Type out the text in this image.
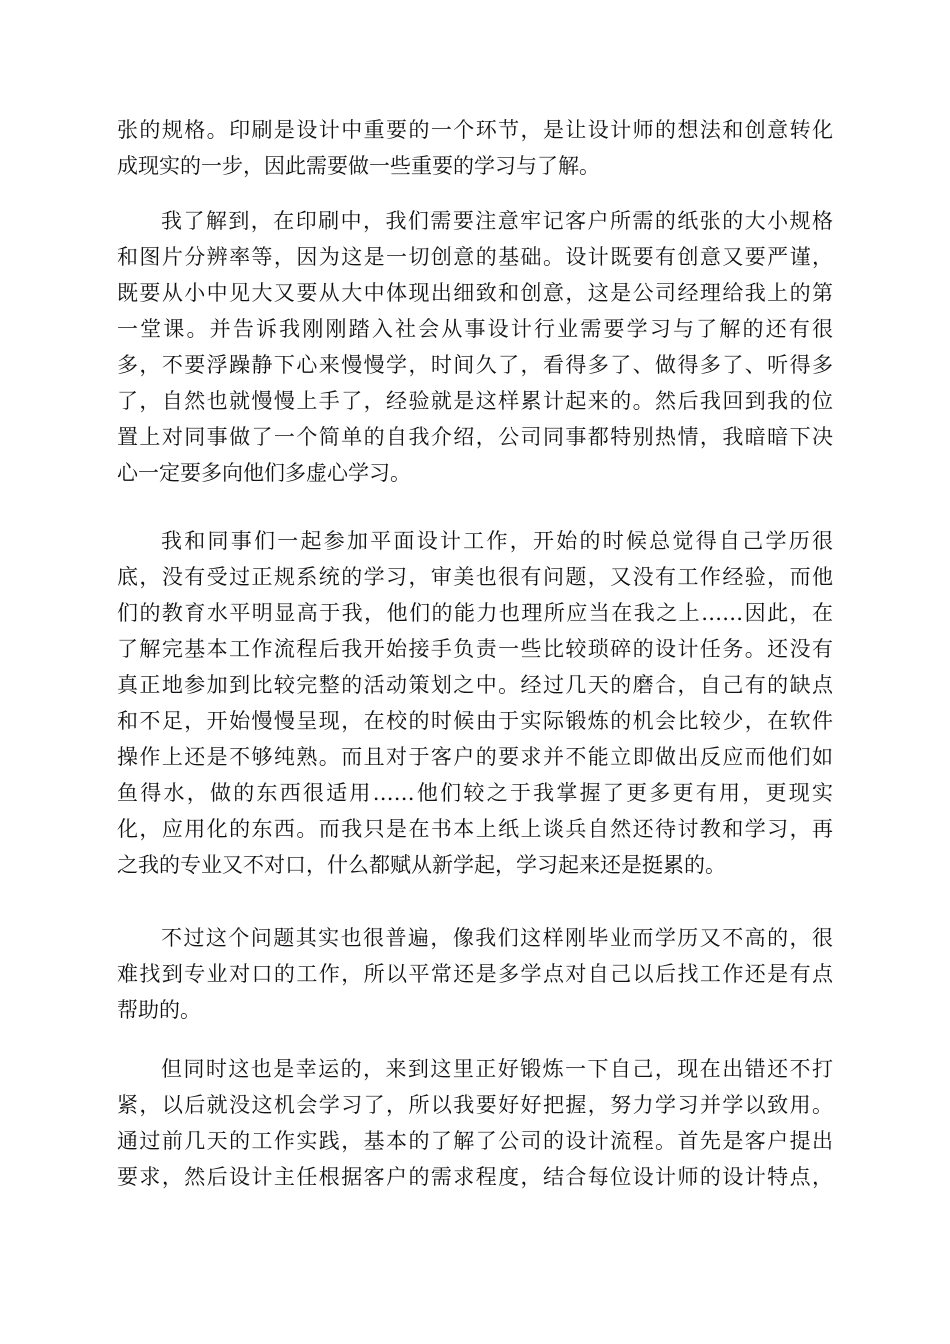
张的规格。印刷是设计中重要的一个环节，是让设计师的想法和创意转化
成现实的一步，因此需要做一些重要的学习与了解。
我了解到，在印刷中，我们需要注意牢记客户所需的纸张的大小规格
和图片分辨率等，因为这是一切创意的基础。设计既要有创意又要严谨，
既要从小中见大又要从大中体现出细致和创意，这是公司经理给我上的第
一堂课。并告诉我刚刚踏入社会从事设计行业需要学习与了解的还有很
多，不要浮躁静下心来慢慢学，时间久了，看得多了、做得多了、听得多
了，自然也就慢慢上手了，经验就是这样累计起来的。然后我回到我的位
置上对同事做了一个简单的自我介绍，公司同事都特别热情，我暗暗下决
心一定要多向他们多虚心学习。
我和同事们一起参加平面设计工作，开始的时候总觉得自己学历很
底，没有受过正规系统的学习，审美也很有问题，又没有工作经验，而他
们的教育水平明显高于我，他们的能力也理所应当在我之上……因此，在
了解完基本工作流程后我开始接手负责一些比较琐碎的设计任务。还没有
真正地参加到比较完整的活动策划之中。经过几天的磨合，自己有的缺点
和不足，开始慢慢呈现，在校的时候由于实际锻炼的机会比较少，在软件
操作上还是不够纯熟。而且对于客户的要求并不能立即做出反应而他们如
鱼得水，做的东西很适用……他们较之于我掌握了更多更有用，更现实
化，应用化的东西。而我只是在书本上纸上谈兵自然还待讨教和学习，再
之我的专业又不对口，什么都赋从新学起，学习起来还是挺累的。
不过这个问题其实也很普遍，像我们这样刚毕业而学历又不高的，很
难找到专业对口的工作，所以平常还是多学点对自己以后找工作还是有点
帮助的。
但同时这也是幸运的，来到这里正好锻炼一下自己，现在出错还不打
紧，以后就没这机会学习了，所以我要好好把握，努力学习并学以致用。
通过前几天的工作实践，基本的了解了公司的设计流程。首先是客户提出
要求，然后设计主任根据客户的需求程度，结合每位设计师的设计特点，
